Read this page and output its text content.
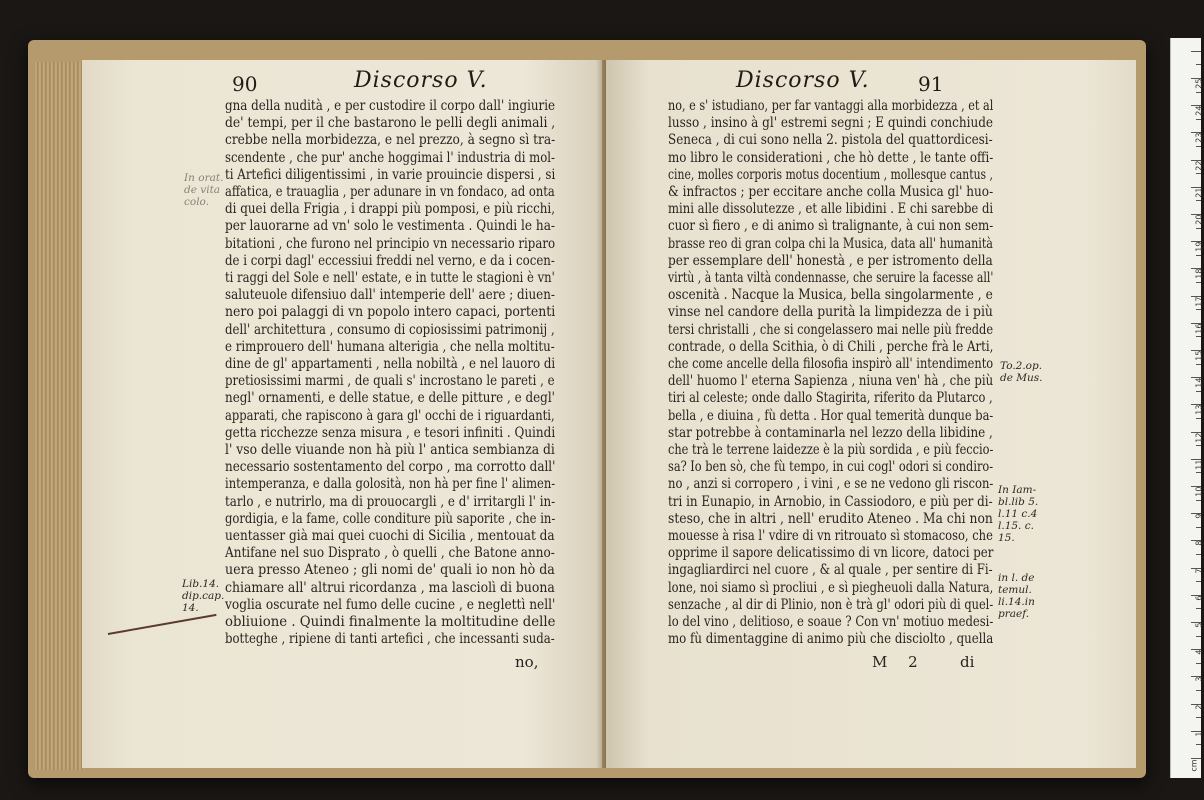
90	Discorso V.
gna della nudità , e per custodire il corpo dall' ingiurie
de' tempi, per il che bastarono le pelli degli animali ,
crebbe nella morbidezza, e nel prezzo, à segno sì tra-
scendente , che pur' anche hoggimai l' industria di mol-
ti Artefici diligentissimi , in varie prouincie dispersi , si
affatica, e trauaglia , per adunare in vn fondaco, ad onta
di quei della Frigia , i drappi più pomposi, e più ricchi,
per lauorarne ad vn' solo le vestimenta . Quindi le ha-
bitationi , che furono nel principio vn necessario riparo
de i corpi dagl' eccessiui freddi nel verno, e da i cocen-
ti raggi del Sole e nell' estate, e in tutte le stagioni è vn'
saluteuole difensiuo dall' intemperie dell' aere ; diuen-
nero poi palaggi di vn popolo intero capaci, portenti
dell' architettura , consumo di copiosissimi patrimonij ,
e rimprouero dell' humana alterigia , che nella moltitu-
dine de gl' appartamenti , nella nobiltà , e nel lauoro di
pretiosissimi marmi , de quali s' incrostano le pareti , e
negl' ornamenti, e delle statue, e delle pitture , e degl'
apparati, che rapiscono à gara gl' occhi de i riguardanti,
getta ricchezze senza misura , e tesori infiniti . Quindi
l' vso delle viuande non hà più l' antica sembianza di
necessario sostentamento del corpo , ma corrotto dall'
intemperanza, e dalla golosità, non hà per fine l' alimen-
tarlo , e nutrirlo, ma di prouocargli , e d' irritargli l' in-
gordigia, e la fame, colle conditure più saporite , che in-
uentasser già mai quei cuochi di Sicilia , mentouat da
Antifane nel suo Disprato , ò quelli , che Batone anno-
uera presso Ateneo ; gli nomi de' quali io non hò da
chiamare all' altrui ricordanza , ma lasciolì di buona
voglia oscurate nel fumo delle cucine , e neglettì nell'
obliuione . Quindi finalmente la moltitudine delle
botteghe , ripiene di tanti artefici , che incessanti suda-
Lib.14.
dip.cap.
14.
In orat.
de vita
colo.
no,
Discorso V. 91
no, e s' istudiano, per far vantaggi alla morbidezza , et al
lusso , insino à gl' estremi segni ; E quindi conchiude
Seneca , di cui sono nella 2. pistola del quattordicesi-
mo libro le considerationi , che hò dette , le tante offi-
cine, molles corporis motus docentium , mollesque cantus ,
& infractos ; per eccitare anche colla Musica gl' huo-
mini alle dissolutezze , et alle libidini . E chi sarebbe di
cuor sì fiero , e di animo sì tralignante, à cui non sem-
brasse reo di gran colpa chi la Musica, data all' humanità
per essemplare dell' honestà , e per istromento della
virtù , à tanta viltà condennasse, che seruire la facesse all'
oscenità . Nacque la Musica, bella singolarmente , e
vinse nel candore della purità la limpidezza de i più
tersi christalli , che si congelassero mai nelle più fredde
contrade, o della Scithia, ò di Chili , perche frà le Arti,
che come ancelle della filosofia inspirò all' intendimento
dell' huomo l' eterna Sapienza , niuna ven' hà , che più
tiri al celeste; onde dallo Stagirita, riferito da Plutarco ,
bella , e diuina , fù detta . Hor qual temerità dunque ba-
star potrebbe à contaminarla nel lezzo della libidine ,
che trà le terrene laidezze è la più sordida , e più feccio-
sa? Io ben sò, che fù tempo, in cui cogl' odori si condiro-
no , anzi si corropero , i vini , e se ne vedono gli riscon-
tri in Eunapio, in Arnobio, in Cassiodoro, e più per di-
steso, che in altri , nell' erudito Ateneo . Ma chi non
mouesse à risa l' vdire di vn ritrouato sì stomacoso, che
opprime il sapore delicatissimo di vn licore, datoci per
ingagliardirci nel cuore , & al quale , per sentire di Fi-
lone, noi siamo sì procliui , e sì piegheuoli dalla Natura,
senzache , al dir di Plinio, non è trà gl' odori più di quel-
lo del vino , delitioso, e soaue ? Con vn' motiuo medesi-
mo fù dimentaggine di animo più che disciolto , quella
To.2.op.
de Mus.
In Iam-
bl.lib 5.
l.11 c.4
l.15. c.
15.
in l. de
temul.
li.14.in
praef.
M 2 di
cm
1
2
3
4
5
6
7
8
9
10
11
12
13
14
15
16
17
18
19
20
21
22
23
24
25
